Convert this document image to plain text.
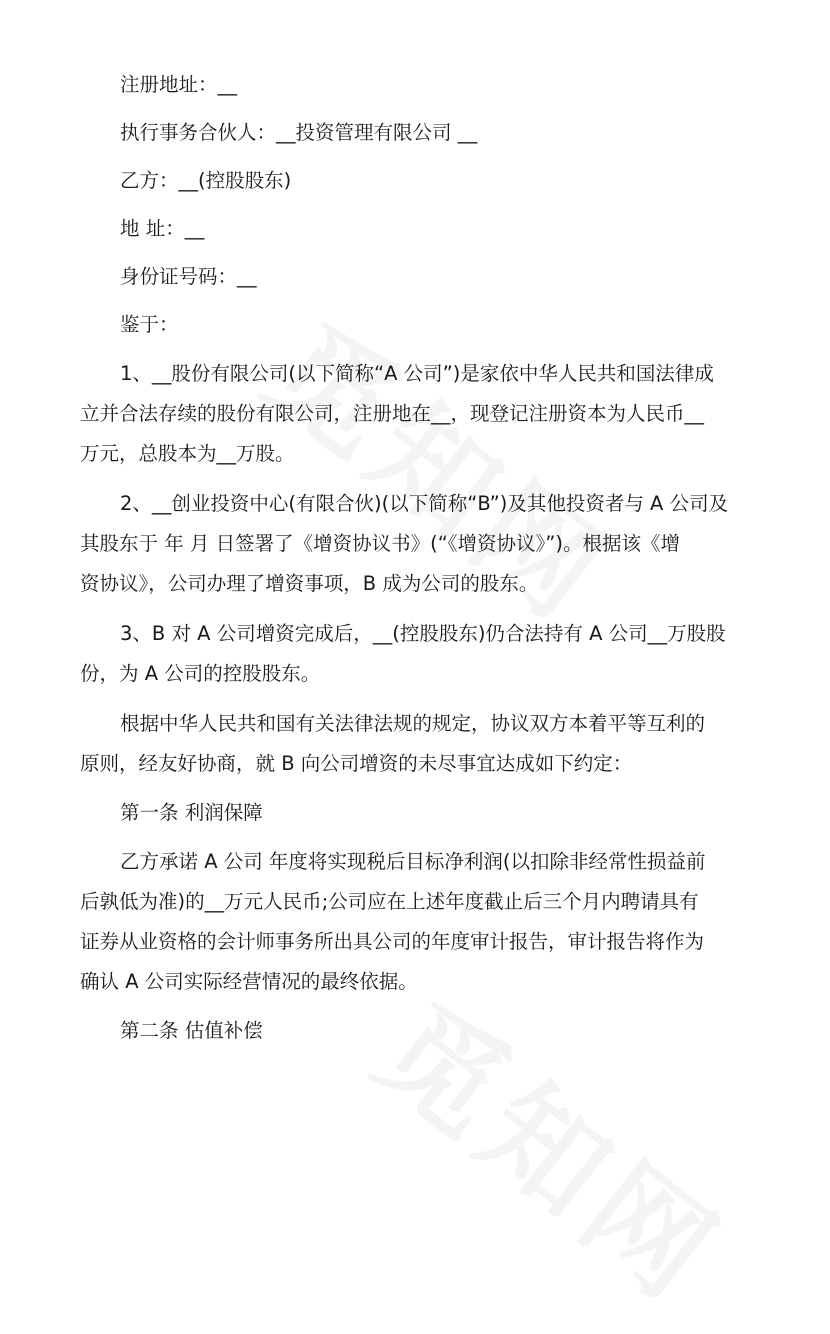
注册地址：__
执行事务合伙人：__投资管理有限公司 __
乙方：__(控股股东)
地 址：__
身份证号码：__
鉴于：
1、__股份有限公司(以下简称“A 公司”)是家依中华人民共和国法律成
立并合法存续的股份有限公司，注册地在__，现登记注册资本为人民币__
万元，总股本为__万股。
2、__创业投资中心(有限合伙)(以下简称“B”)及其他投资者与 A 公司及
其股东于 年 月 日签署了《增资协议书》(“《增资协议》”)。根据该《增
资协议》，公司办理了增资事项，B 成为公司的股东。
3、B 对 A 公司增资完成后，__(控股股东)仍合法持有 A 公司__万股股
份，为 A 公司的控股股东。
根据中华人民共和国有关法律法规的规定，协议双方本着平等互利的
原则，经友好协商，就 B 向公司增资的未尽事宜达成如下约定：
第一条 利润保障
乙方承诺 A 公司 年度将实现税后目标净利润(以扣除非经常性损益前
后孰低为准)的__万元人民币;公司应在上述年度截止后三个月内聘请具有
证券从业资格的会计师事务所出具公司的年度审计报告，审计报告将作为
确认 A 公司实际经营情况的最终依据。
第二条 估值补偿
